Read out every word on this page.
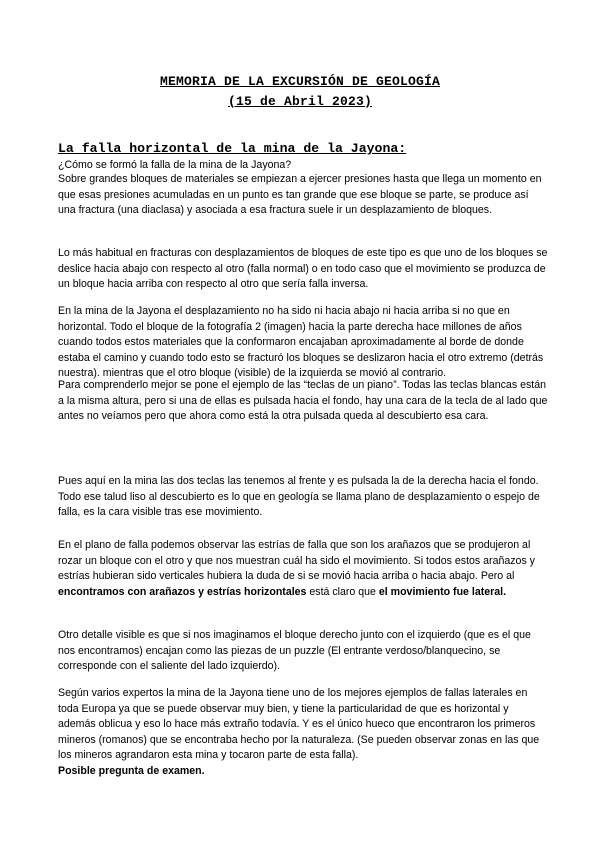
MEMORIA DE LA EXCURSIÓN DE GEOLOGÍA
(15 de Abril 2023)
La falla horizontal de la mina de la Jayona:
¿Cómo se formó la falla de la mina de la Jayona?
Sobre grandes bloques de materiales se empiezan a ejercer presiones hasta que llega un momento en que esas presiones acumuladas en un punto es tan grande que ese bloque se parte, se produce así una fractura (una diaclasa) y asociada a esa fractura suele ir un desplazamiento de bloques.
Lo más habitual en fracturas con desplazamientos de bloques de este tipo es que uno de los bloques se deslice hacia abajo con respecto al otro (falla normal) o en todo caso que el movimiento se produzca de un bloque hacia arriba con respecto al otro que sería falla inversa.
En la mina de la Jayona el desplazamiento no ha sido ni hacia abajo ni hacia arriba si no que en horizontal. Todo el bloque de la fotografía 2 (imagen) hacia la parte derecha hace millones de años cuando todos estos materiales que la conformaron encajaban aproximadamente al borde de donde estaba el camino y cuando todo esto se fracturó los bloques se deslizaron hacia el otro extremo (detrás nuestra). mientras que el otro bloque (visible) de la izquierda se movió al contrario.
Para comprenderlo mejor se pone el ejemplo de las “teclas de un piano”. Todas las teclas blancas están a la misma altura, pero si una de ellas es pulsada hacia el fondo, hay una cara de la tecla de al lado que antes no veíamos pero que ahora como está la otra pulsada queda al descubierto esa cara.
Pues aquí en la mina las dos teclas las tenemos al frente y es pulsada la de la derecha hacia el fondo. Todo ese talud liso al descubierto es lo que en geología se llama plano de desplazamiento o espejo de falla, es la cara visible tras ese movimiento.
En el plano de falla podemos observar las estrías de falla que son los arañazos que se produjeron al rozar un bloque con el otro y que nos muestran cuál ha sido el movimiento. Si todos estos arañazos y estrías hubieran sido verticales hubiera la duda de si se movió hacia arriba o hacia abajo. Pero al encontramos con arañazos y estrías horizontales está claro que el movimiento fue lateral.
Otro detalle visible es que si nos imaginamos el bloque derecho junto con el izquierdo (que es el que nos encontramos) encajan como las piezas de un puzzle (El entrante verdoso/blanquecino, se corresponde con el saliente del lado izquierdo).
Según varios expertos la mina de la Jayona tiene uno de los mejores ejemplos de fallas laterales en toda Europa ya que se puede observar muy bien, y tiene la particularidad de que es horizontal y además oblicua y eso lo hace más extraño todavía. Y es el único hueco que encontraron los primeros mineros (romanos) que se encontraba hecho por la naturaleza. (Se pueden observar zonas en las que los mineros agrandaron esta mina y tocaron parte de esta falla).
Posible pregunta de examen.
